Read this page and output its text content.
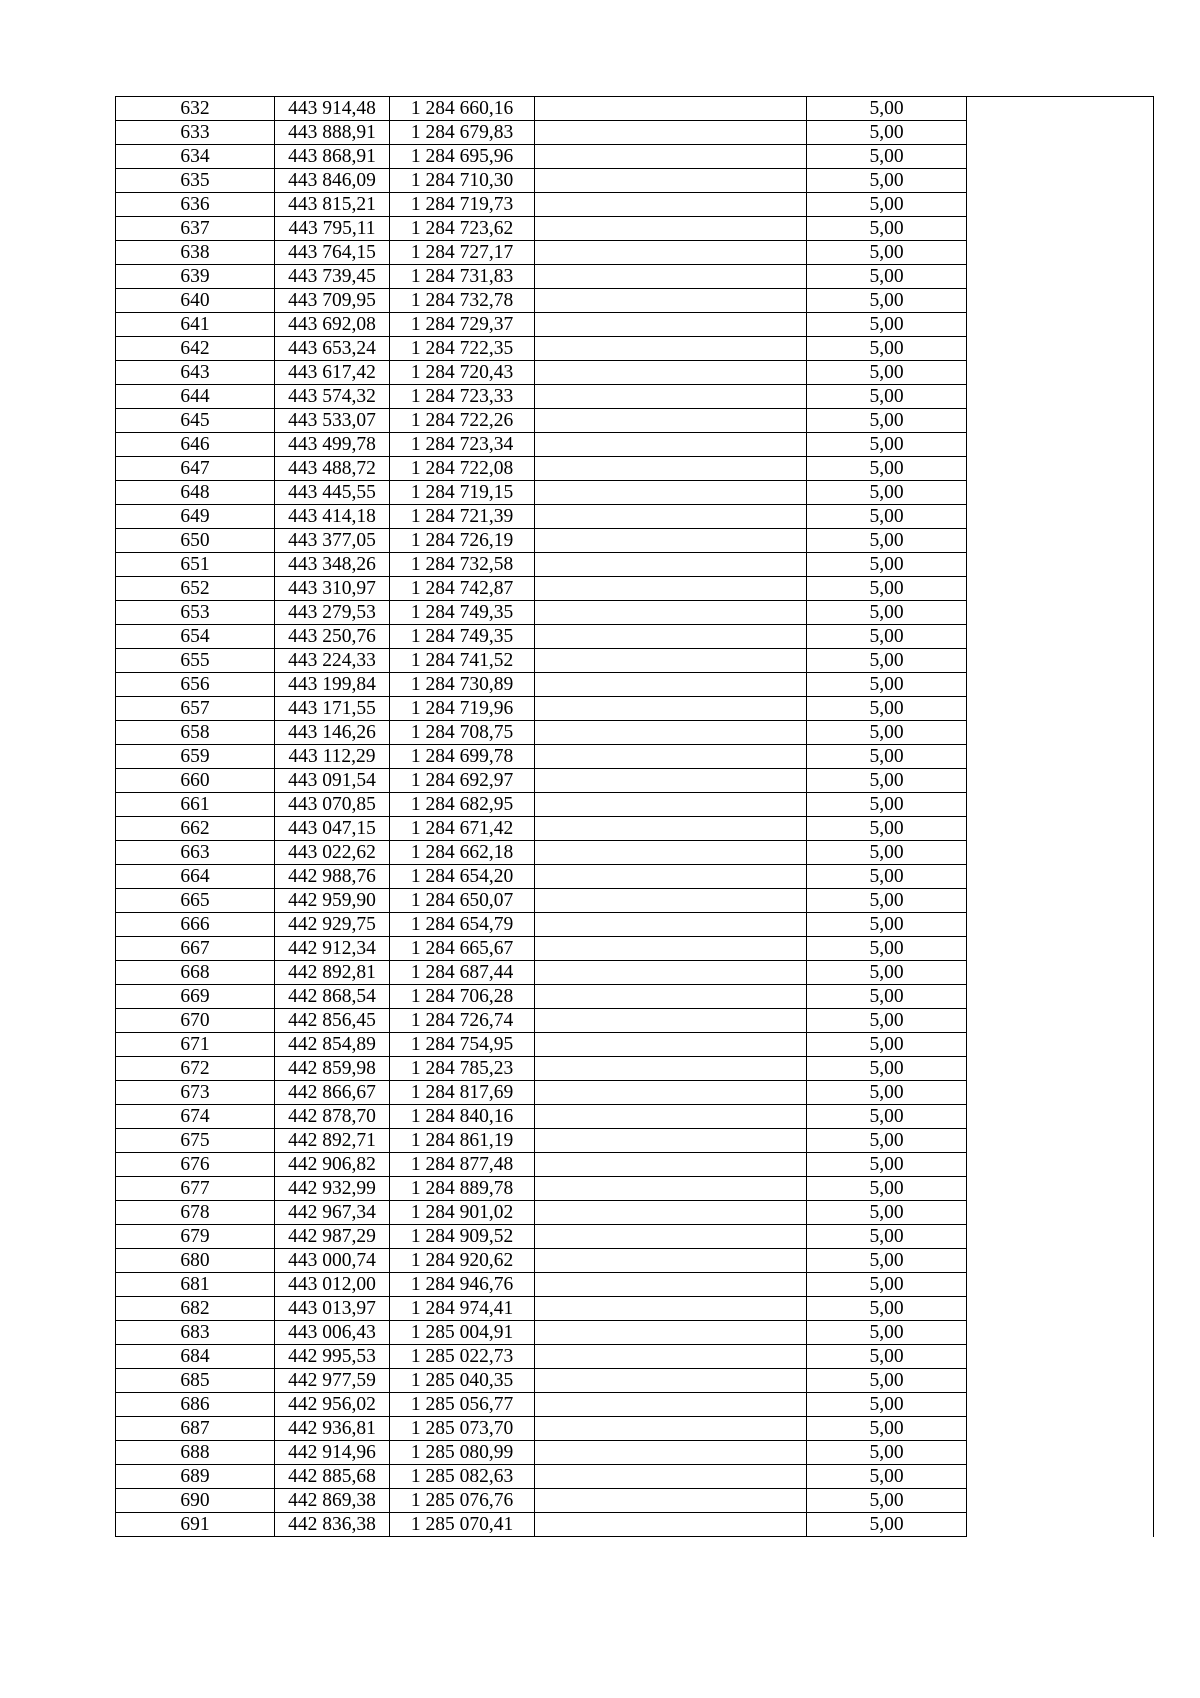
632	443 914,48	1 284 660,16		5,00	
633	443 888,91	1 284 679,83		5,00	
634	443 868,91	1 284 695,96		5,00	
635	443 846,09	1 284 710,30		5,00	
636	443 815,21	1 284 719,73		5,00	
637	443 795,11	1 284 723,62		5,00	
638	443 764,15	1 284 727,17		5,00	
639	443 739,45	1 284 731,83		5,00	
640	443 709,95	1 284 732,78		5,00	
641	443 692,08	1 284 729,37		5,00	
642	443 653,24	1 284 722,35		5,00	
643	443 617,42	1 284 720,43		5,00	
644	443 574,32	1 284 723,33		5,00	
645	443 533,07	1 284 722,26		5,00	
646	443 499,78	1 284 723,34		5,00	
647	443 488,72	1 284 722,08		5,00	
648	443 445,55	1 284 719,15		5,00	
649	443 414,18	1 284 721,39		5,00	
650	443 377,05	1 284 726,19		5,00	
651	443 348,26	1 284 732,58		5,00	
652	443 310,97	1 284 742,87		5,00	
653	443 279,53	1 284 749,35		5,00	
654	443 250,76	1 284 749,35		5,00	
655	443 224,33	1 284 741,52		5,00	
656	443 199,84	1 284 730,89		5,00	
657	443 171,55	1 284 719,96		5,00	
658	443 146,26	1 284 708,75		5,00	
659	443 112,29	1 284 699,78		5,00	
660	443 091,54	1 284 692,97		5,00	
661	443 070,85	1 284 682,95		5,00	
662	443 047,15	1 284 671,42		5,00	
663	443 022,62	1 284 662,18		5,00	
664	442 988,76	1 284 654,20		5,00	
665	442 959,90	1 284 650,07		5,00	
666	442 929,75	1 284 654,79		5,00	
667	442 912,34	1 284 665,67		5,00	
668	442 892,81	1 284 687,44		5,00	
669	442 868,54	1 284 706,28		5,00	
670	442 856,45	1 284 726,74		5,00	
671	442 854,89	1 284 754,95		5,00	
672	442 859,98	1 284 785,23		5,00	
673	442 866,67	1 284 817,69		5,00	
674	442 878,70	1 284 840,16		5,00	
675	442 892,71	1 284 861,19		5,00	
676	442 906,82	1 284 877,48		5,00	
677	442 932,99	1 284 889,78		5,00	
678	442 967,34	1 284 901,02		5,00	
679	442 987,29	1 284 909,52		5,00	
680	443 000,74	1 284 920,62		5,00	
681	443 012,00	1 284 946,76		5,00	
682	443 013,97	1 284 974,41		5,00	
683	443 006,43	1 285 004,91		5,00	
684	442 995,53	1 285 022,73		5,00	
685	442 977,59	1 285 040,35		5,00	
686	442 956,02	1 285 056,77		5,00	
687	442 936,81	1 285 073,70		5,00	
688	442 914,96	1 285 080,99		5,00	
689	442 885,68	1 285 082,63		5,00	
690	442 869,38	1 285 076,76		5,00	
691	442 836,38	1 285 070,41		5,00	
